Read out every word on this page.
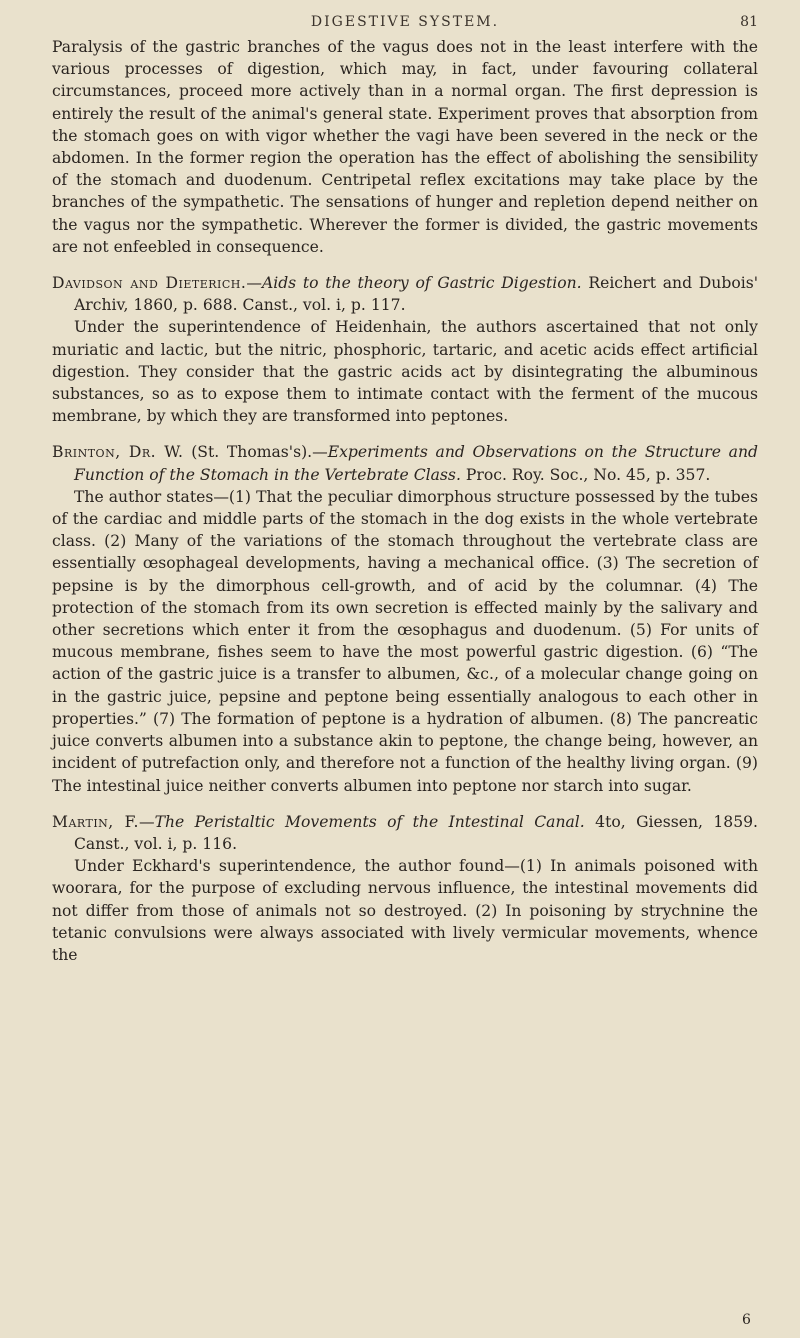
DIGESTIVE SYSTEM.	81

Paralysis of the gastric branches of the vagus does not in the least interfere with the various processes of digestion, which may, in fact, under favouring collateral circumstances, proceed more actively than in a normal organ. The first depression is entirely the result of the animal's general state. Experiment proves that absorption from the stomach goes on with vigor whether the vagi have been severed in the neck or the abdomen. In the former region the operation has the effect of abolishing the sensibility of the stomach and duodenum. Centripetal reflex excitations may take place by the branches of the sympathetic. The sensations of hunger and repletion depend neither on the vagus nor the sympathetic. Wherever the former is divided, the gastric movements are not enfeebled in consequence.

Davidson and Dieterich.—Aids to the theory of Gastric Digestion. Reichert and Dubois' Archiv, 1860, p. 688. Canst., vol. i, p. 117.

Under the superintendence of Heidenhain, the authors ascertained that not only muriatic and lactic, but the nitric, phosphoric, tartaric, and acetic acids effect artificial digestion. They consider that the gastric acids act by disintegrating the albuminous substances, so as to expose them to intimate contact with the ferment of the mucous membrane, by which they are transformed into peptones.

Brinton, Dr. W. (St. Thomas's).—Experiments and Observations on the Structure and Function of the Stomach in the Vertebrate Class. Proc. Roy. Soc., No. 45, p. 357.

The author states—(1) That the peculiar dimorphous structure possessed by the tubes of the cardiac and middle parts of the stomach in the dog exists in the whole vertebrate class. (2) Many of the variations of the stomach throughout the vertebrate class are essentially œsophageal developments, having a mechanical office. (3) The secretion of pepsine is by the dimorphous cell-growth, and of acid by the columnar. (4) The protection of the stomach from its own secretion is effected mainly by the salivary and other secretions which enter it from the œsophagus and duodenum. (5) For units of mucous membrane, fishes seem to have the most powerful gastric digestion. (6) “The action of the gastric juice is a transfer to albumen, &c., of a molecular change going on in the gastric juice, pepsine and peptone being essentially analogous to each other in properties.” (7) The formation of peptone is a hydration of albumen. (8) The pancreatic juice converts albumen into a substance akin to peptone, the change being, however, an incident of putrefaction only, and therefore not a function of the healthy living organ. (9) The intestinal juice neither converts albumen into peptone nor starch into sugar.

Martin, F.—The Peristaltic Movements of the Intestinal Canal. 4to, Giessen, 1859. Canst., vol. i, p. 116.

Under Eckhard's superintendence, the author found—(1) In animals poisoned with woorara, for the purpose of excluding nervous influence, the intestinal movements did not differ from those of animals not so destroyed. (2) In poisoning by strychnine the tetanic convulsions were always associated with lively vermicular movements, whence the

6
